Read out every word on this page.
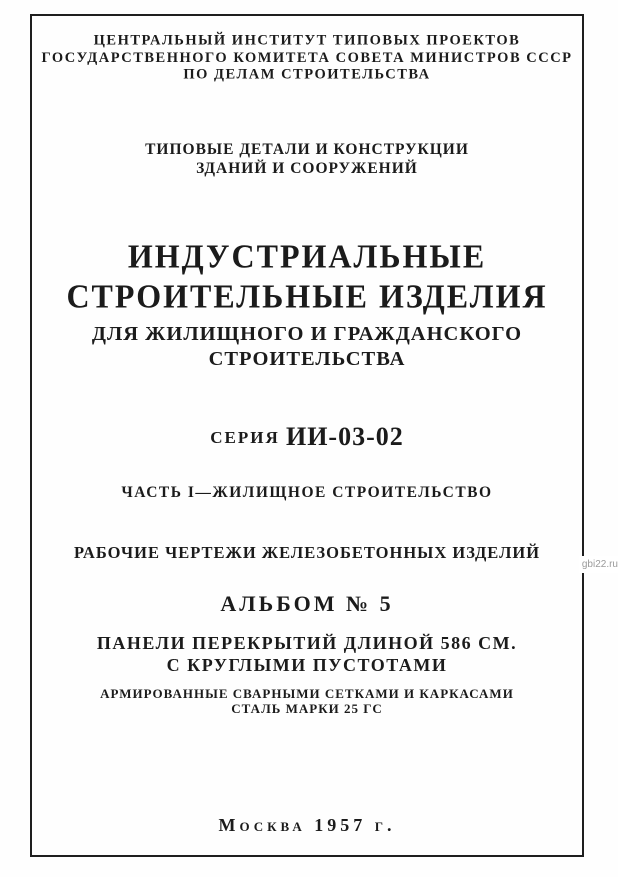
ЦЕНТРАЛЬНЫЙ ИНСТИТУТ ТИПОВЫХ ПРОЕКТОВ
ГОСУДАРСТВЕННОГО КОМИТЕТА СОВЕТА МИНИСТРОВ СССР
ПО ДЕЛАМ СТРОИТЕЛЬСТВА
ТИПОВЫЕ ДЕТАЛИ И КОНСТРУКЦИИ
ЗДАНИЙ И СООРУЖЕНИЙ
ИНДУСТРИАЛЬНЫЕ
СТРОИТЕЛЬНЫЕ ИЗДЕЛИЯ
ДЛЯ ЖИЛИЩНОГО И ГРАЖДАНСКОГО
СТРОИТЕЛЬСТВА
СЕРИЯ ИИ-03-02
ЧАСТЬ I—ЖИЛИЩНОЕ СТРОИТЕЛЬСТВО
РАБОЧИЕ ЧЕРТЕЖИ ЖЕЛЕЗОБЕТОННЫХ ИЗДЕЛИЙ
АЛЬБОМ № 5
ПАНЕЛИ ПЕРЕКРЫТИЙ ДЛИНОЙ 586 СМ.
С КРУГЛЫМИ ПУСТОТАМИ
АРМИРОВАННЫЕ СВАРНЫМИ СЕТКАМИ И КАРКАСАМИ
СТАЛЬ МАРКИ 25 ГС
Москва 1957 г.
gbi22.ru
